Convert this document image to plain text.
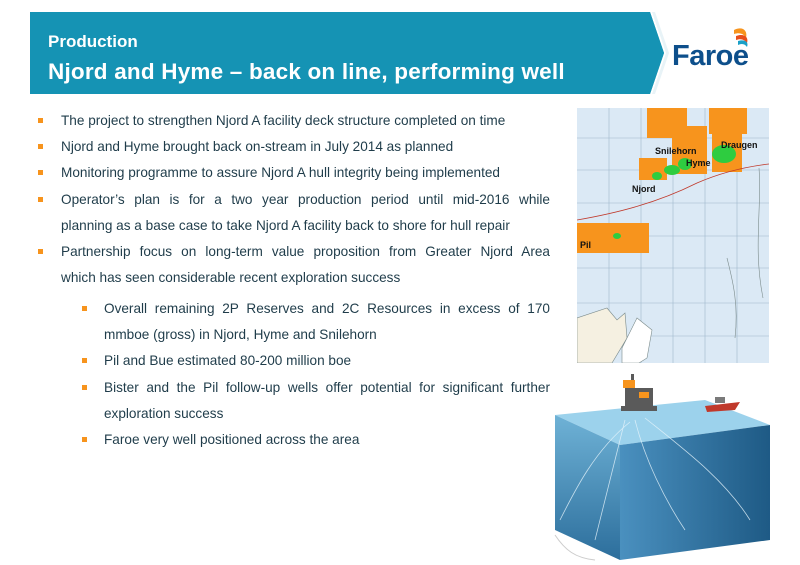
Production
Njord and Hyme – back on line, performing well	Faroe
The project to strengthen Njord A facility deck structure completed on time
Njord and Hyme brought back on-stream in July 2014 as planned
Monitoring programme to assure Njord A hull integrity being implemented
Operator’s plan is for a two year production period until mid-2016 while
planning as a base case to take Njord A facility back to shore for hull repair
Partnership focus on long-term value proposition from Greater Njord Area
which has seen considerable recent exploration success
Overall remaining 2P Reserves and 2C Resources in excess of 170
mmboe (gross) in Njord, Hyme and Snilehorn
Pil and Bue estimated 80-200 million boe
Bister and the Pil follow-up wells offer potential for significant further
exploration success
Faroe very well positioned across the area
Draugen
Snilehorn
Hyme
Njord
Pil
